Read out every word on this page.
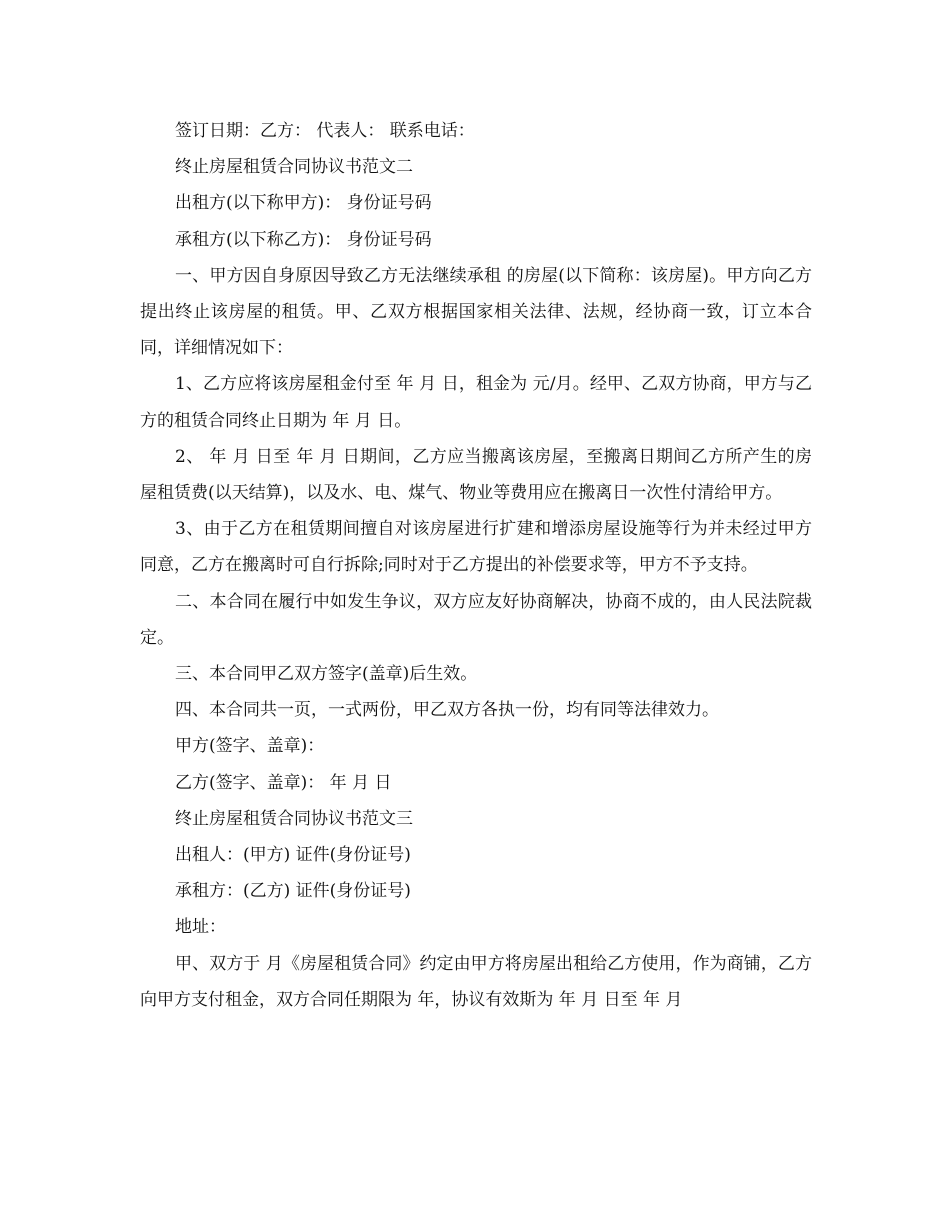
签订日期：乙方： 代表人： 联系电话：

终止房屋租赁合同协议书范文二

出租方(以下称甲方)： 身份证号码

承租方(以下称乙方)： 身份证号码

一、甲方因自身原因导致乙方无法继续承租 的房屋(以下简称：该房屋)。甲方向乙方提出终止该房屋的租赁。甲、乙双方根据国家相关法律、法规，经协商一致，订立本合同，详细情况如下：

1、乙方应将该房屋租金付至 年 月 日，租金为 元/月。经甲、乙双方协商，甲方与乙方的租赁合同终止日期为 年 月 日。

2、 年 月 日至 年 月 日期间，乙方应当搬离该房屋，至搬离日期间乙方所产生的房屋租赁费(以天结算)，以及水、电、煤气、物业等费用应在搬离日一次性付清给甲方。

3、由于乙方在租赁期间擅自对该房屋进行扩建和增添房屋设施等行为并未经过甲方同意，乙方在搬离时可自行拆除;同时对于乙方提出的补偿要求等，甲方不予支持。

二、本合同在履行中如发生争议，双方应友好协商解决，协商不成的，由人民法院裁定。

三、本合同甲乙双方签字(盖章)后生效。

四、本合同共一页，一式两份，甲乙双方各执一份，均有同等法律效力。

甲方(签字、盖章)：

乙方(签字、盖章)： 年 月 日

终止房屋租赁合同协议书范文三

出租人：(甲方) 证件(身份证号)

承租方：(乙方) 证件(身份证号)

地址：

甲、双方于 月《房屋租赁合同》约定由甲方将房屋出租给乙方使用，作为商铺，乙方向甲方支付租金，双方合同任期限为 年，协议有效斯为 年 月 日至 年 月
